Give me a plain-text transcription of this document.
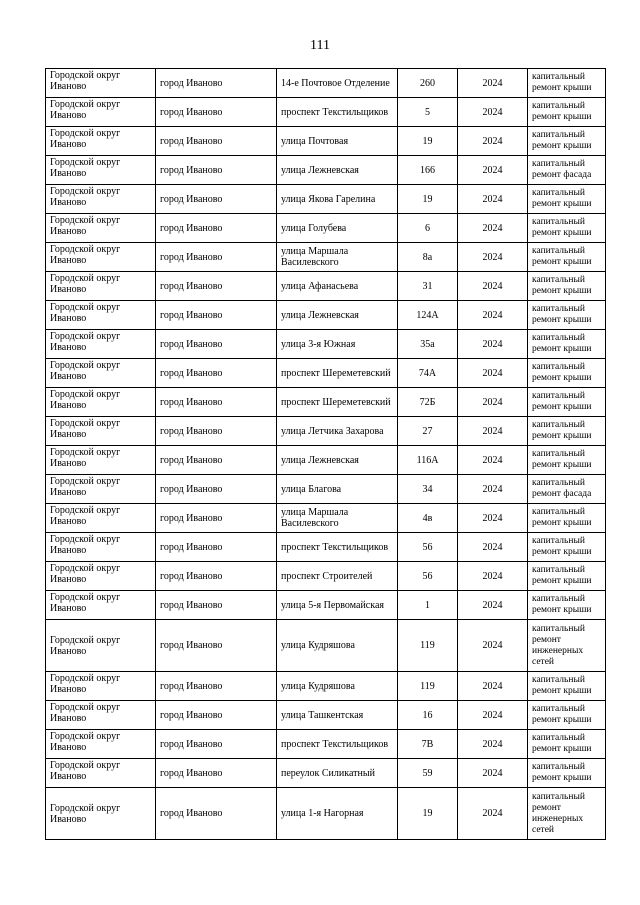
111
Городской округ Иваново	город Иваново	14-е Почтовое Отделение	260	2024	капитальный ремонт крыши
Городской округ Иваново	город Иваново	проспект Текстильщиков	5	2024	капитальный ремонт крыши
Городской округ Иваново	город Иваново	улица Почтовая	19	2024	капитальный ремонт крыши
Городской округ Иваново	город Иваново	улица Лежневская	166	2024	капитальный ремонт фасада
Городской округ Иваново	город Иваново	улица Якова Гарелина	19	2024	капитальный ремонт крыши
Городской округ Иваново	город Иваново	улица Голубева	6	2024	капитальный ремонт крыши
Городской округ Иваново	город Иваново	улица Маршала Василевского	8а	2024	капитальный ремонт крыши
Городской округ Иваново	город Иваново	улица Афанасьева	31	2024	капитальный ремонт крыши
Городской округ Иваново	город Иваново	улица Лежневская	124А	2024	капитальный ремонт крыши
Городской округ Иваново	город Иваново	улица 3-я Южная	35а	2024	капитальный ремонт крыши
Городской округ Иваново	город Иваново	проспект Шереметевский	74А	2024	капитальный ремонт крыши
Городской округ Иваново	город Иваново	проспект Шереметевский	72Б	2024	капитальный ремонт крыши
Городской округ Иваново	город Иваново	улица Летчика Захарова	27	2024	капитальный ремонт крыши
Городской округ Иваново	город Иваново	улица Лежневская	116А	2024	капитальный ремонт крыши
Городской округ Иваново	город Иваново	улица Благова	34	2024	капитальный ремонт фасада
Городской округ Иваново	город Иваново	улица Маршала Василевского	4в	2024	капитальный ремонт крыши
Городской округ Иваново	город Иваново	проспект Текстильщиков	56	2024	капитальный ремонт крыши
Городской округ Иваново	город Иваново	проспект Строителей	56	2024	капитальный ремонт крыши
Городской округ Иваново	город Иваново	улица 5-я Первомайская	1	2024	капитальный ремонт крыши
Городской округ Иваново	город Иваново	улица Кудряшова	119	2024	капитальный ремонт инженерных сетей
Городской округ Иваново	город Иваново	улица Кудряшова	119	2024	капитальный ремонт крыши
Городской округ Иваново	город Иваново	улица Ташкентская	16	2024	капитальный ремонт крыши
Городской округ Иваново	город Иваново	проспект Текстильщиков	7В	2024	капитальный ремонт крыши
Городской округ Иваново	город Иваново	переулок Силикатный	59	2024	капитальный ремонт крыши
Городской округ Иваново	город Иваново	улица 1-я Нагорная	19	2024	капитальный ремонт инженерных сетей
